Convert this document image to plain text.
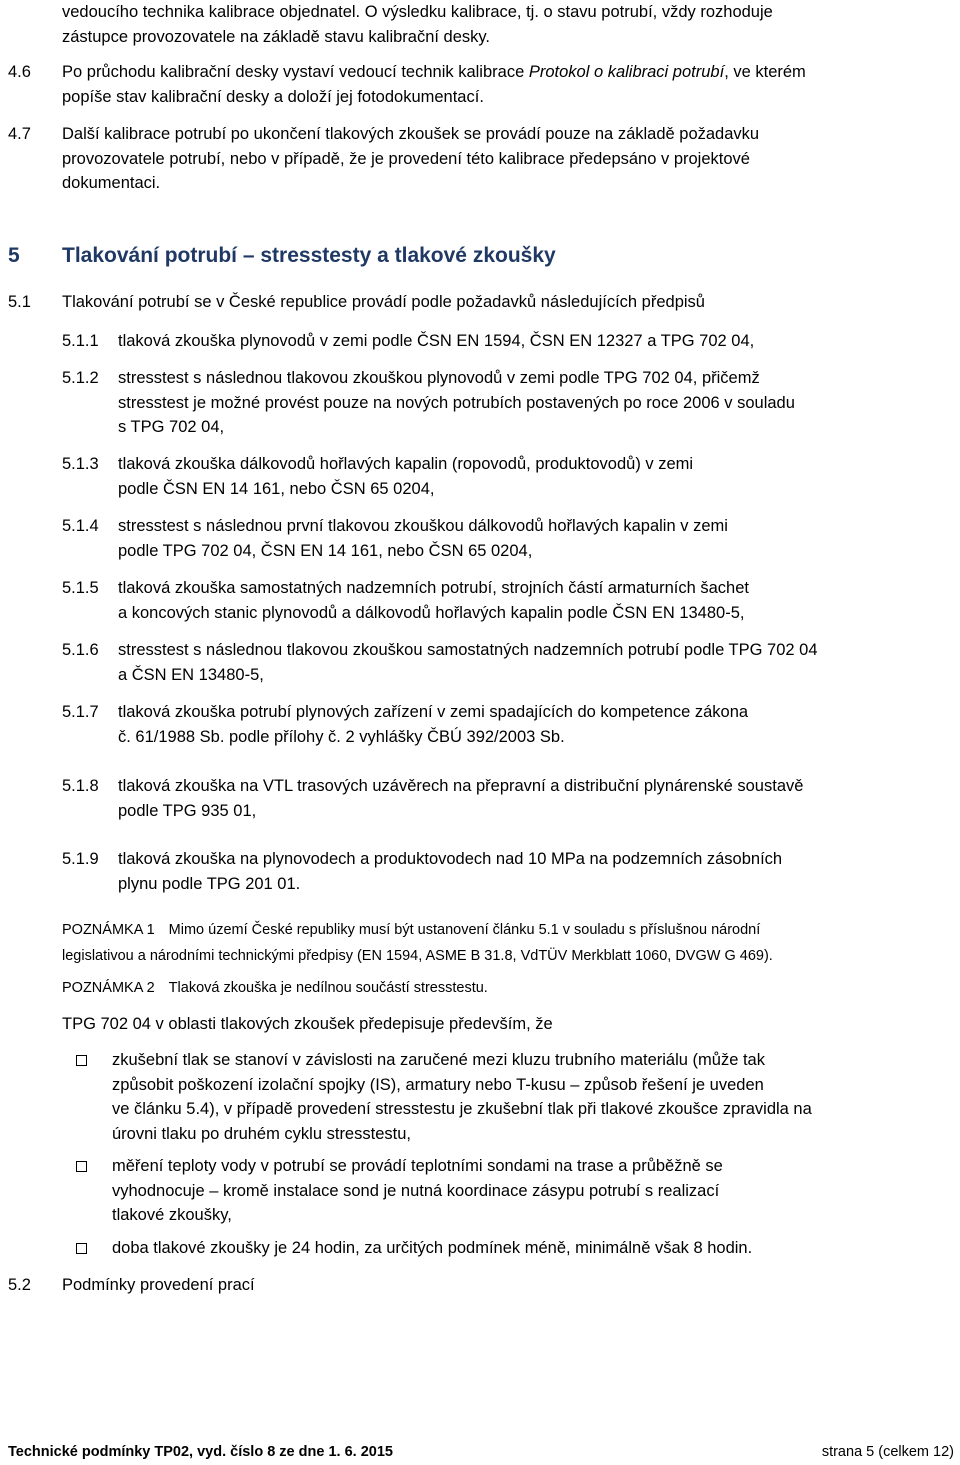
vedoucího technika kalibrace objednatel. O výsledku kalibrace, tj. o stavu potrubí, vždy rozhoduje
zástupce provozovatele na základě stavu kalibrační desky.
4.6 Po průchodu kalibrační desky vystaví vedoucí technik kalibrace Protokol o kalibraci potrubí, ve kterém
popíše stav kalibrační desky a doloží jej fotodokumentací.
4.7 Další kalibrace potrubí po ukončení tlakových zkoušek se provádí pouze na základě požadavku
provozovatele potrubí, nebo v případě, že je provedení této kalibrace předepsáno v projektové
dokumentaci.
5 Tlakování potrubí – stresstesty a tlakové zkoušky
5.1 Tlakování potrubí se v České republice provádí podle požadavků následujících předpisů
5.1.1 tlaková zkouška plynovodů v zemi podle ČSN EN 1594, ČSN EN 12327 a TPG 702 04,
5.1.2 stresstest s následnou tlakovou zkouškou plynovodů v zemi podle TPG 702 04, přičemž
stresstest je možné provést pouze na nových potrubích postavených po roce 2006 v souladu
s TPG 702 04,
5.1.3 tlaková zkouška dálkovodů hořlavých kapalin (ropovodů, produktovodů) v zemi
podle ČSN EN 14 161, nebo ČSN 65 0204,
5.1.4 stresstest s následnou první tlakovou zkouškou dálkovodů hořlavých kapalin v zemi
podle TPG 702 04, ČSN EN 14 161, nebo ČSN 65 0204,
5.1.5 tlaková zkouška samostatných nadzemních potrubí, strojních částí armaturních šachet
a koncových stanic plynovodů a dálkovodů hořlavých kapalin podle ČSN EN 13480-5,
5.1.6 stresstest s následnou tlakovou zkouškou samostatných nadzemních potrubí podle TPG 702 04
a ČSN EN 13480-5,
5.1.7 tlaková zkouška potrubí plynových zařízení v zemi spadajících do kompetence zákona
č. 61/1988 Sb. podle přílohy č. 2 vyhlášky ČBÚ 392/2003 Sb.
5.1.8 tlaková zkouška na VTL trasových uzávěrech na přepravní a distribuční plynárenské soustavě
podle TPG 935 01,
5.1.9 tlaková zkouška na plynovodech a produktovodech nad 10 MPa na podzemních zásobních
plynu podle TPG 201 01.
POZNÁMKA 1 Mimo území České republiky musí být ustanovení článku 5.1 v souladu s příslušnou národní
legislativou a národními technickými předpisy (EN 1594, ASME B 31.8, VdTÜV Merkblatt 1060, DVGW G 469).
POZNÁMKA 2 Tlaková zkouška je nedílnou součástí stresstestu.
TPG 702 04 v oblasti tlakových zkoušek předepisuje především, že
zkušební tlak se stanoví v závislosti na zaručené mezi kluzu trubního materiálu (může tak
způsobit poškození izolační spojky (IS), armatury nebo T-kusu – způsob řešení je uveden
ve článku 5.4), v případě provedení stresstestu je zkušební tlak při tlakové zkoušce zpravidla na
úrovni tlaku po druhém cyklu stresstestu,
měření teploty vody v potrubí se provádí teplotními sondami na trase a průběžně se
vyhodnocuje – kromě instalace sond je nutná koordinace zásypu potrubí s realizací
tlakové zkoušky,
doba tlakové zkoušky je 24 hodin, za určitých podmínek méně, minimálně však 8 hodin.
5.2 Podmínky provedení prací
Technické podmínky TP02, vyd. číslo 8 ze dne 1. 6. 2015	strana 5 (celkem 12)
